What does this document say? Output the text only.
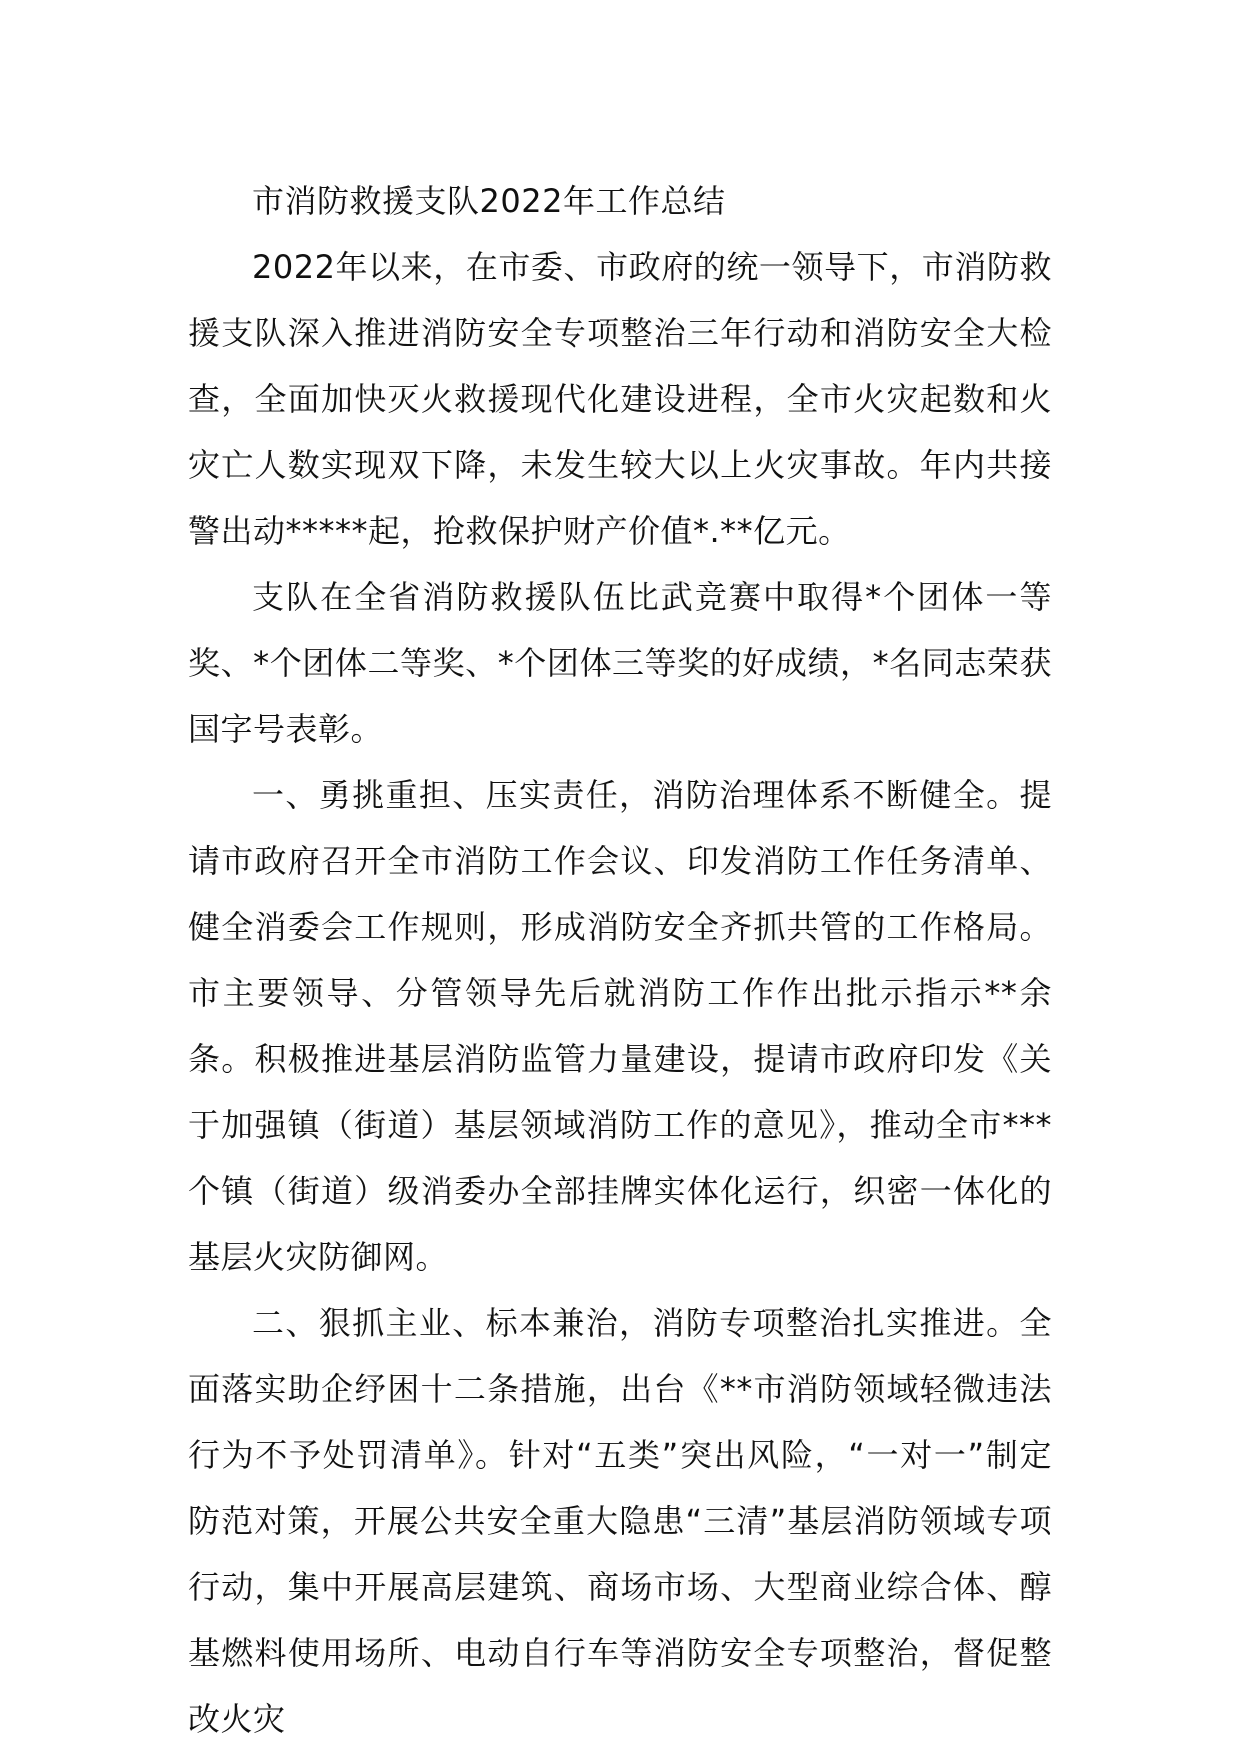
市消防救援支队2022年工作总结

2022年以来，在市委、市政府的统一领导下，市消防救援支队深入推进消防安全专项整治三年行动和消防安全大检查，全面加快灭火救援现代化建设进程，全市火灾起数和火灾亡人数实现双下降，未发生较大以上火灾事故。年内共接警出动*****起，抢救保护财产价值*.**亿元。

支队在全省消防救援队伍比武竞赛中取得*个团体一等奖、*个团体二等奖、*个团体三等奖的好成绩，*名同志荣获国字号表彰。

一、勇挑重担、压实责任，消防治理体系不断健全。提请市政府召开全市消防工作会议、印发消防工作任务清单、健全消委会工作规则，形成消防安全齐抓共管的工作格局。市主要领导、分管领导先后就消防工作作出批示指示**余条。积极推进基层消防监管力量建设，提请市政府印发《关于加强镇（街道）基层领域消防工作的意见》，推动全市***个镇（街道）级消委办全部挂牌实体化运行，织密一体化的基层火灾防御网。

二、狠抓主业、标本兼治，消防专项整治扎实推进。全面落实助企纾困十二条措施，出台《**市消防领域轻微违法行为不予处罚清单》。针对“五类”突出风险，“一对一”制定防范对策，开展公共安全重大隐患“三清”基层消防领域专项行动，集中开展高层建筑、商场市场、大型商业综合体、醇基燃料使用场所、电动自行车等消防安全专项整治，督促整改火灾
